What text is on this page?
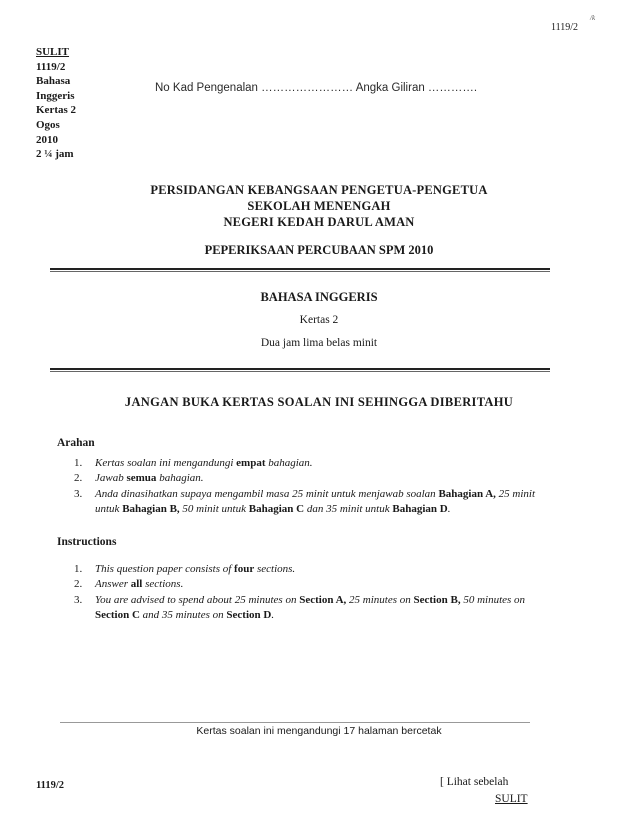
1119/2
/k
SULIT
1119/2
Bahasa
Inggeris
Kertas 2
Ogos
2010
2 ¼ jam
No Kad Pengenalan …………………… Angka Giliran ………….
PERSIDANGAN KEBANGSAAN PENGETUA-PENGETUA
SEKOLAH MENENGAH
NEGERI KEDAH DARUL AMAN
PEPERIKSAAN PERCUBAAN SPM 2010
BAHASA INGGERIS
Kertas 2
Dua jam lima belas minit
JANGAN BUKA KERTAS SOALAN INI SEHINGGA DIBERITAHU
Arahan
1. Kertas soalan ini mengandungi empat bahagian.
2. Jawab semua bahagian.
3. Anda dinasihatkan supaya mengambil masa 25 minit untuk menjawab soalan Bahagian A, 25 minit untuk Bahagian B, 50 minit untuk Bahagian C dan 35 minit untuk Bahagian D.
Instructions
1. This question paper consists of four sections.
2. Answer all sections.
3. You are advised to spend about 25 minutes on Section A, 25 minutes on Section B, 50 minutes on Section C and 35 minutes on Section D.
Kertas soalan ini mengandungi 17 halaman bercetak
1119/2	[ Lihat sebelah
SULIT
